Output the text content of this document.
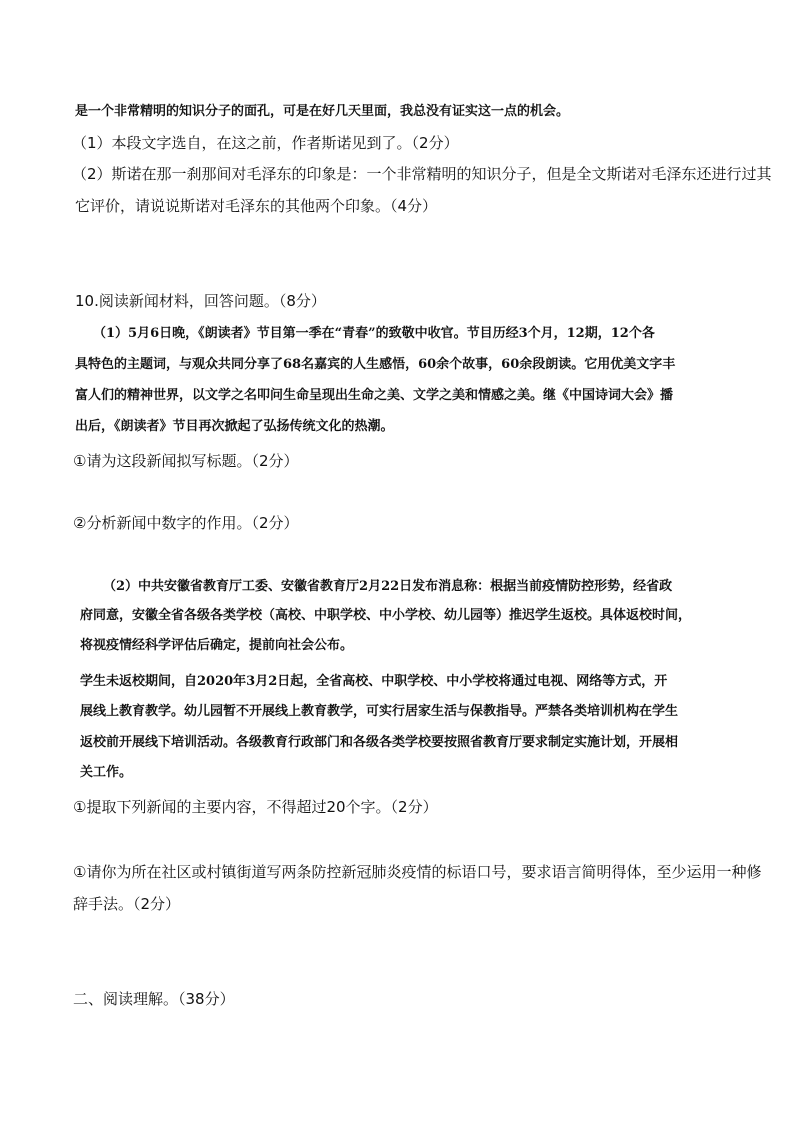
是一个非常精明的知识分子的面孔，可是在好几天里面，我总没有证实这一点的机会。
（1）本段文字选自，在这之前，作者斯诺见到了。（2分）
（2）斯诺在那一刹那间对毛泽东的印象是：一个非常精明的知识分子，但是全文斯诺对毛泽东还进行过其
它评价，请说说斯诺对毛泽东的其他两个印象。（4分）
10.阅读新闻材料，回答问题。（8分）
（1）5月6日晚，《朗读者》节目第一季在“青春”的致敬中收官。节目历经3个月，12期，12个各
具特色的主题词，与观众共同分享了68名嘉宾的人生感悟，60余个故事，60余段朗读。它用优美文字丰
富人们的精神世界，以文学之名叩问生命呈现出生命之美、文学之美和情感之美。继《中国诗词大会》播
出后，《朗读者》节目再次掀起了弘扬传统文化的热潮。
①请为这段新闻拟写标题。（2分）
②分析新闻中数字的作用。（2分）
（2）中共安徽省教育厅工委、安徽省教育厅2月22日发布消息称：根据当前疫情防控形势，经省政
府同意，安徽全省各级各类学校（高校、中职学校、中小学校、幼儿园等）推迟学生返校。具体返校时间，
将视疫情经科学评估后确定，提前向社会公布。
学生未返校期间，自2020年3月2日起，全省高校、中职学校、中小学校将通过电视、网络等方式，开
展线上教育教学。幼儿园暂不开展线上教育教学，可实行居家生活与保教指导。严禁各类培训机构在学生
返校前开展线下培训活动。各级教育行政部门和各级各类学校要按照省教育厅要求制定实施计划，开展相
关工作。
①提取下列新闻的主要内容，不得超过20个字。（2分）
①请你为所在社区或村镇街道写两条防控新冠肺炎疫情的标语口号，要求语言简明得体，至少运用一种修
辞手法。（2分）
二、阅读理解。（38分）
